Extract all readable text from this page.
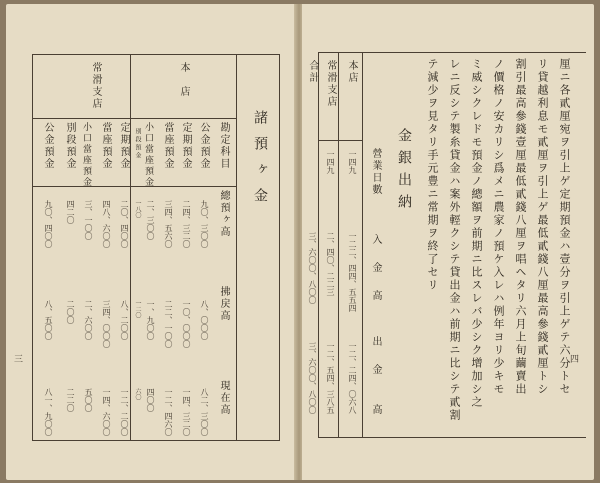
厘ニ各貳厘宛ヲ引上ゲ定期預金ハ壹分ヲ引上ゲテ六分トセ
リ貸越利息モ貳厘ヲ引上ゲ最低貳錢八厘最高參錢貳厘トシ
割引最高參錢壹厘最低貳錢八厘ヲ唱ヘタリ六月上旬繭賣出
ノ價格ノ安カリシ爲メニ農家ノ預ケ入レハ例年ヨリ少キモ
ミ威シクレドモ預金ノ總額ヲ前期ニ比スレバ少シク增加シ之
レニ反シテ製糸貸金ハ案外輕クシテ貸出金ハ前期ニ比シテ貳割
テ減少ヲ見タリ手元豊ニ常期ヲ終了セリ
金銀出納
營業日數
入
金
高
出
金
高
本店
一四九
一二二、四四、五五四
一二、二四、〇六八
常滑支店
一四九
二、四〇、二二三
一二、五四、三八五
合計
三、六〇〇、八〇〇
三、六〇〇、八〇〇	四
諸預ヶ金
勘定科目
總預ヶ高
拂戻高
現在高
本店
公金預金
九〇、三〇〇
八、〇〇〇
八二、三〇〇
定期預金
二四、三二〇
一〇、〇〇〇
一四、三二〇
當座預金
三四、五六〇
二二、一〇〇
一二、四六〇
小口當座預金
二、三〇〇
一、九〇〇
四〇〇
常滑支店
定期預金
二〇、四〇〇
八、二〇〇
一二、二〇〇
當座預金
四八、六〇〇
三四、〇〇〇
一四、六〇〇
小口當座預金
三、一〇〇
二、六〇〇
五〇〇
別段預金
四二〇
二〇〇
二二〇
公金預金
九〇、四〇〇
八、五〇〇
八一、九〇〇
三
一二〇
一八〇
六〇
別段預金
